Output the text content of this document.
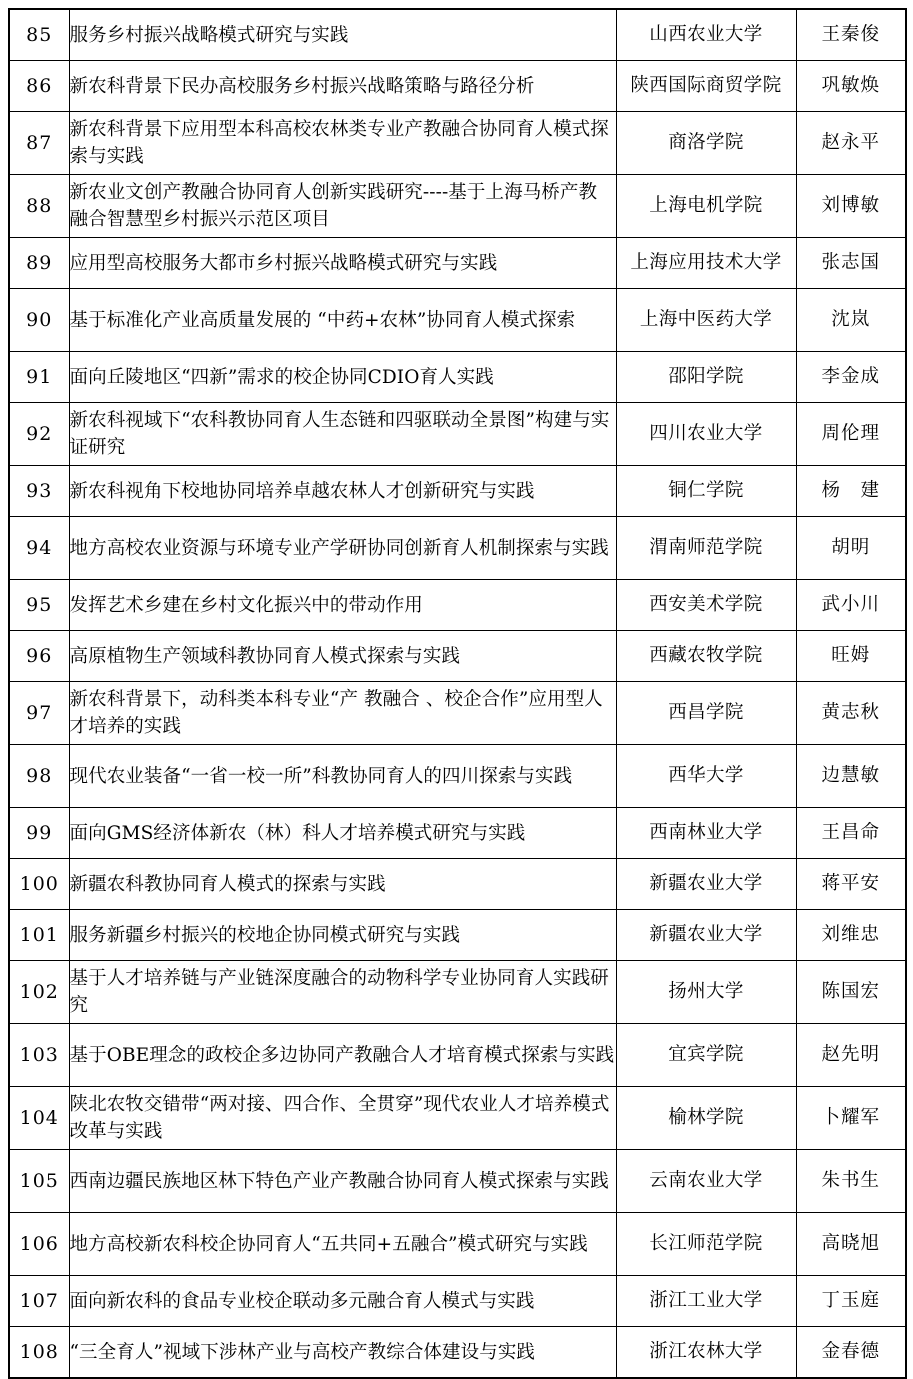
85	服务乡村振兴战略模式研究与实践	山西农业大学	王秦俊
86	新农科背景下民办高校服务乡村振兴战略策略与路径分析	陕西国际商贸学院	巩敏焕
87	新农科背景下应用型本科高校农林类专业产教融合协同育人模式探索与实践	商洛学院	赵永平
88	新农业文创产教融合协同育人创新实践研究----基于上海马桥产教融合智慧型乡村振兴示范区项目	上海电机学院	刘博敏
89	应用型高校服务大都市乡村振兴战略模式研究与实践	上海应用技术大学	张志国
90	基于标准化产业高质量发展的 “中药+农林”协同育人模式探索	上海中医药大学	沈岚
91	面向丘陵地区“四新”需求的校企协同CDIO育人实践	邵阳学院	李金成
92	新农科视域下“农科教协同育人生态链和四驱联动全景图”构建与实证研究	四川农业大学	周伦理
93	新农科视角下校地协同培养卓越农林人才创新研究与实践	铜仁学院	杨　建
94	地方高校农业资源与环境专业产学研协同创新育人机制探索与实践	渭南师范学院	胡明
95	发挥艺术乡建在乡村文化振兴中的带动作用	西安美术学院	武小川
96	高原植物生产领域科教协同育人模式探索与实践	西藏农牧学院	旺姆
97	新农科背景下，动科类本科专业“产 教融合 、校企合作”应用型人才培养的实践	西昌学院	黄志秋
98	现代农业装备“一省一校一所”科教协同育人的四川探索与实践	西华大学	边慧敏
99	面向GMS经济体新农（林）科人才培养模式研究与实践	西南林业大学	王昌命
100	新疆农科教协同育人模式的探索与实践	新疆农业大学	蒋平安
101	服务新疆乡村振兴的校地企协同模式研究与实践	新疆农业大学	刘维忠
102	基于人才培养链与产业链深度融合的动物科学专业协同育人实践研究	扬州大学	陈国宏
103	基于OBE理念的政校企多边协同产教融合人才培育模式探索与实践	宜宾学院	赵先明
104	陕北农牧交错带“两对接、四合作、全贯穿”现代农业人才培养模式改革与实践	榆林学院	卜耀军
105	西南边疆民族地区林下特色产业产教融合协同育人模式探索与实践	云南农业大学	朱书生
106	地方高校新农科校企协同育人“五共同+五融合”模式研究与实践	长江师范学院	高晓旭
107	面向新农科的食品专业校企联动多元融合育人模式与实践	浙江工业大学	丁玉庭
108	“三全育人”视域下涉林产业与高校产教综合体建设与实践	浙江农林大学	金春德
